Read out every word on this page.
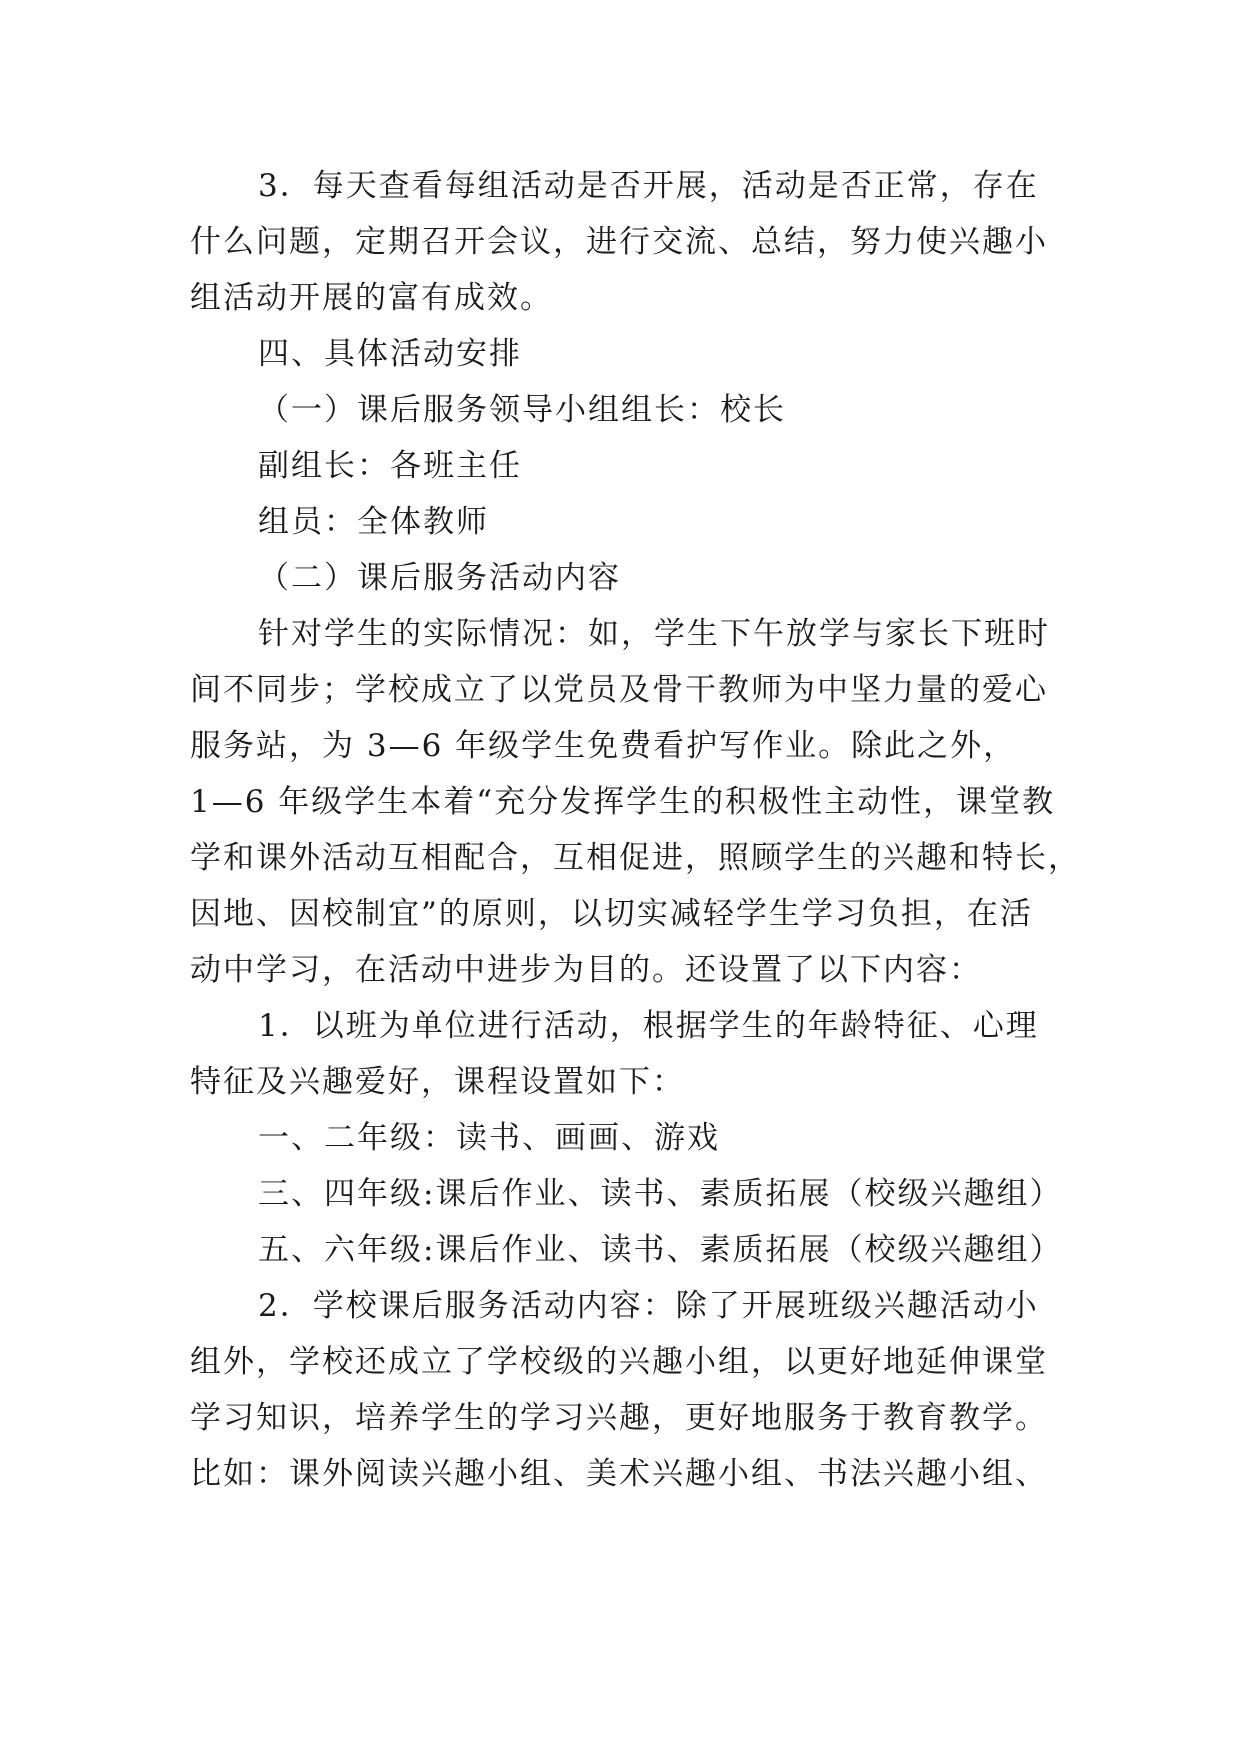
3．每天查看每组活动是否开展，活动是否正常，存在
什么问题，定期召开会议，进行交流、总结，努力使兴趣小
组活动开展的富有成效。
四、具体活动安排
（一）课后服务领导小组组长：校长
副组长：各班主任
组员：全体教师
（二）课后服务活动内容
针对学生的实际情况：如，学生下午放学与家长下班时
间不同步；学校成立了以党员及骨干教师为中坚力量的爱心
服务站，为 3—6 年级学生免费看护写作业。除此之外，
1—6 年级学生本着“充分发挥学生的积极性主动性，课堂教
学和课外活动互相配合，互相促进，照顾学生的兴趣和特长，
因地、因校制宜”的原则，以切实减轻学生学习负担，在活
动中学习，在活动中进步为目的。还设置了以下内容：
1．以班为单位进行活动，根据学生的年龄特征、心理
特征及兴趣爱好，课程设置如下：
一、二年级：读书、画画、游戏
三、四年级:课后作业、读书、素质拓展（校级兴趣组）
五、六年级:课后作业、读书、素质拓展（校级兴趣组）
2．学校课后服务活动内容：除了开展班级兴趣活动小
组外，学校还成立了学校级的兴趣小组，以更好地延伸课堂
学习知识，培养学生的学习兴趣，更好地服务于教育教学。
比如：课外阅读兴趣小组、美术兴趣小组、书法兴趣小组、
